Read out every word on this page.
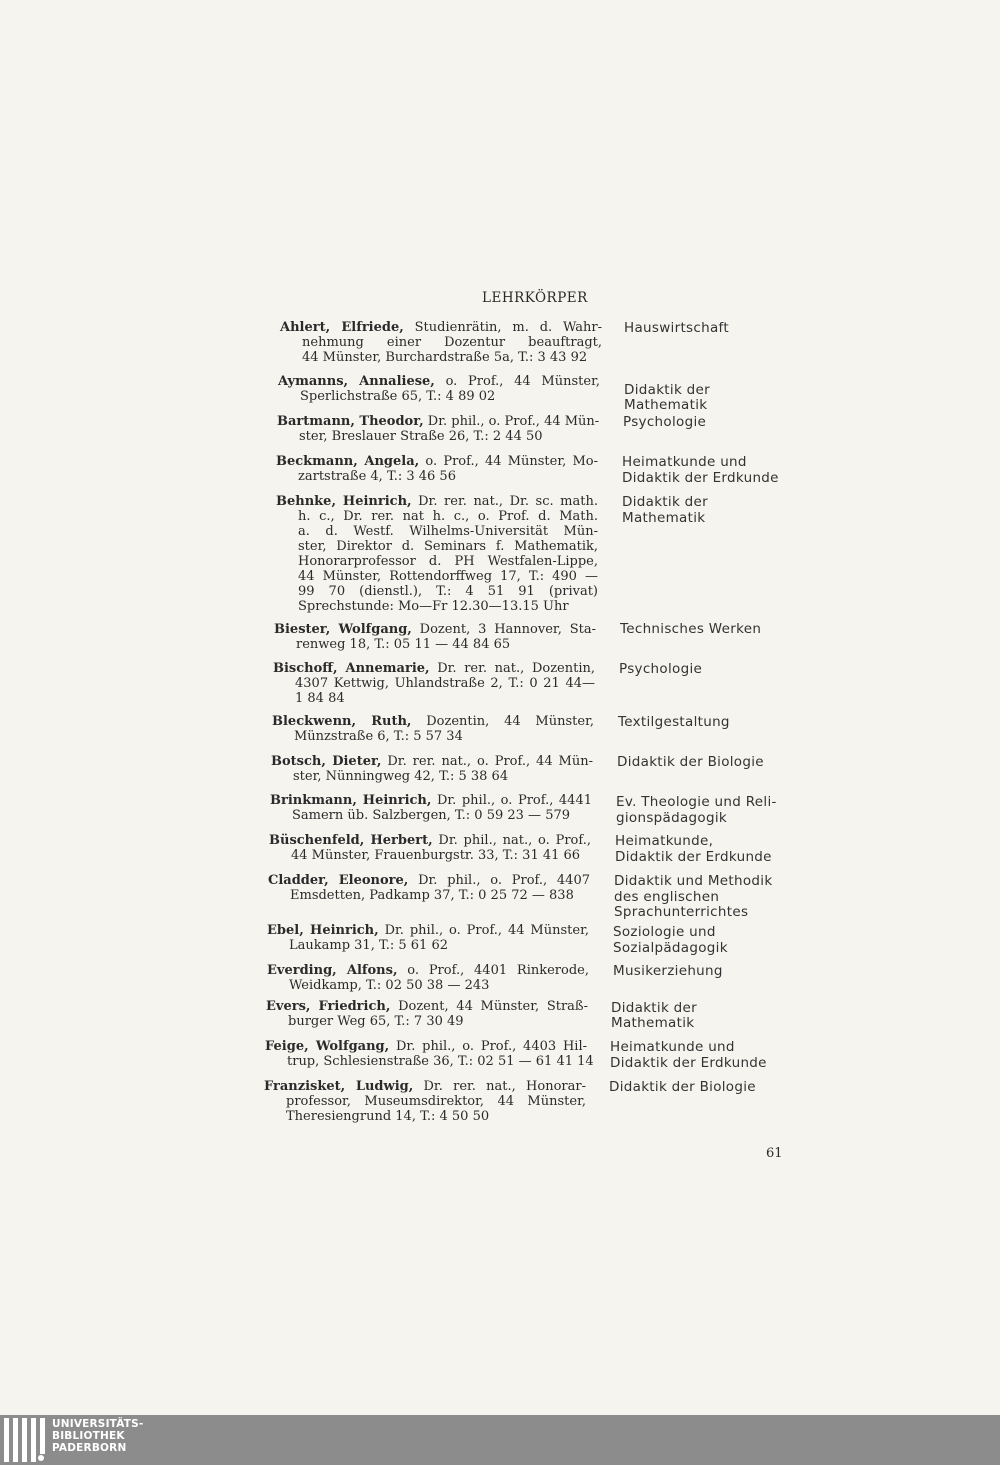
LEHRKÖRPER
Ahlert, Elfriede, Studienrätin, m. d. Wahr-
nehmung einer Dozentur beauftragt,
44 Münster, Burchardstraße 5a, T.: 3 43 92
Hauswirtschaft
Aymanns, Annaliese, o. Prof., 44 Münster,
Sperlichstraße 65, T.: 4 89 02
	Didaktik der
Mathematik
Bartmann, Theodor, Dr. phil., o. Prof., 44 Mün-
ster, Breslauer Straße 26, T.: 2 44 50
Psychologie
Beckmann, Angela, o. Prof., 44 Münster, Mo-
zartstraße 4, T.: 3 46 56
Heimatkunde und
Didaktik der Erdkunde
Behnke, Heinrich, Dr. rer. nat., Dr. sc. math.
h. c., Dr. rer. nat h. c., o. Prof. d. Math.
a. d. Westf. Wilhelms-Universität Mün-
ster, Direktor d. Seminars f. Mathematik,
Honorarprofessor d. PH Westfalen-Lippe,
44 Münster, Rottendorffweg 17, T.: 490 —
99 70 (dienstl.), T.: 4 51 91 (privat)
Sprechstunde: Mo—Fr 12.30—13.15 Uhr
Didaktik der
Mathematik
Biester, Wolfgang, Dozent, 3 Hannover, Sta-
renweg 18, T.: 05 11 — 44 84 65
Technisches Werken
Bischoff, Annemarie, Dr. rer. nat., Dozentin,
4307 Kettwig, Uhlandstraße 2, T.: 0 21 44—
1 84 84
Psychologie
Bleckwenn, Ruth, Dozentin, 44 Münster,
Münzstraße 6, T.: 5 57 34
Textilgestaltung
Botsch, Dieter, Dr. rer. nat., o. Prof., 44 Mün-
ster, Nünningweg 42, T.: 5 38 64
Didaktik der Biologie
Brinkmann, Heinrich, Dr. phil., o. Prof., 4441
Samern üb. Salzbergen, T.: 0 59 23 — 579
Ev. Theologie und Reli-
gionspädagogik
Büschenfeld, Herbert, Dr. phil., nat., o. Prof.,
44 Münster, Frauenburgstr. 33, T.: 31 41 66
Heimatkunde,
Didaktik der Erdkunde
Cladder, Eleonore, Dr. phil., o. Prof., 4407
Emsdetten, Padkamp 37, T.: 0 25 72 — 838
Didaktik und Methodik
des englischen
Sprachunterrichtes
Ebel, Heinrich, Dr. phil., o. Prof., 44 Münster,
Laukamp 31, T.: 5 61 62
Soziologie und
Sozialpädagogik
Everding, Alfons, o. Prof., 4401 Rinkerode,
Weidkamp, T.: 02 50 38 — 243
Musikerziehung
Evers, Friedrich, Dozent, 44 Münster, Straß-
burger Weg 65, T.: 7 30 49

Didaktik der
Mathematik
Feige, Wolfgang, Dr. phil., o. Prof., 4403 Hil-
trup, Schlesienstraße 36, T.: 02 51 — 61 41 14
Heimatkunde und
Didaktik der Erdkunde
Franzisket, Ludwig, Dr. rer. nat., Honorar-
professor, Museumsdirektor, 44 Münster,
Theresiengrund 14, T.: 4 50 50
Didaktik der Biologie
61
UNIVERSITÄTS-
BIBLIOTHEK
PADERBORN
